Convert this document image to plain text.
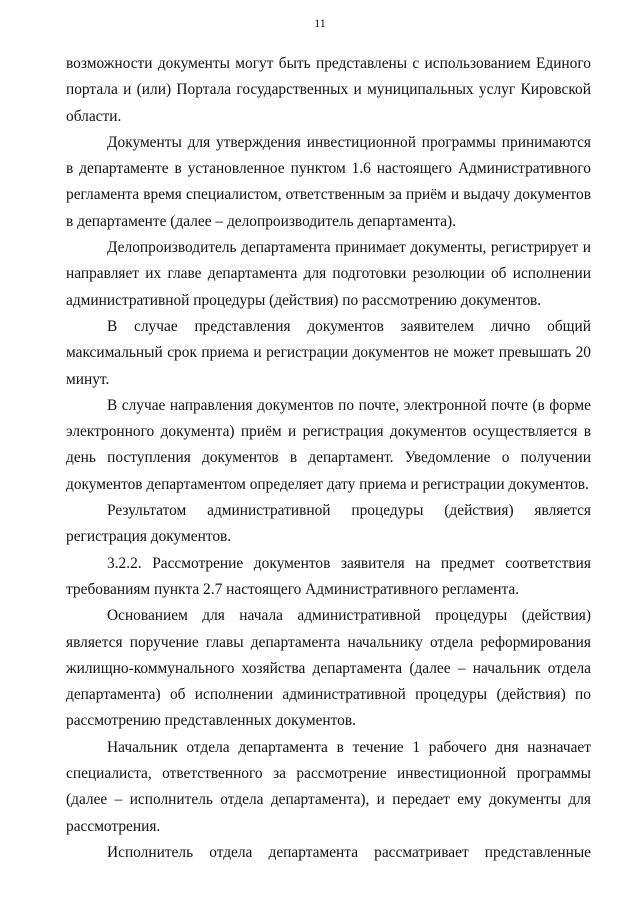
11

возможности документы могут быть представлены с использованием Единого портала и (или) Портала государственных и муниципальных услуг Кировской области.

Документы для утверждения инвестиционной программы принимаются в департаменте в установленное пунктом 1.6 настоящего Административного регламента время специалистом, ответственным за приём и выдачу документов в департаменте (далее – делопроизводитель департамента).

Делопроизводитель департамента принимает документы, регистрирует и направляет их главе департамента для подготовки резолюции об исполнении административной процедуры (действия) по рассмотрению документов.

В случае представления документов заявителем лично общий максимальный срок приема и регистрации документов не может превышать 20 минут.

В случае направления документов по почте, электронной почте (в форме электронного документа) приём и регистрация документов осуществляется в день поступления документов в департамент. Уведомление о получении документов департаментом определяет дату приема и регистрации документов.

Результатом административной процедуры (действия) является регистрация документов.

3.2.2. Рассмотрение документов заявителя на предмет соответствия требованиям пункта 2.7 настоящего Административного регламента.

Основанием для начала административной процедуры (действия) является поручение главы департамента начальнику отдела реформирования жилищно-коммунального хозяйства департамента (далее – начальник отдела департамента) об исполнении административной процедуры (действия) по рассмотрению представленных документов.

Начальник отдела департамента в течение 1 рабочего дня назначает специалиста, ответственного за рассмотрение инвестиционной программы (далее – исполнитель отдела департамента), и передает ему документы для рассмотрения.

Исполнитель отдела департамента рассматривает представленные
